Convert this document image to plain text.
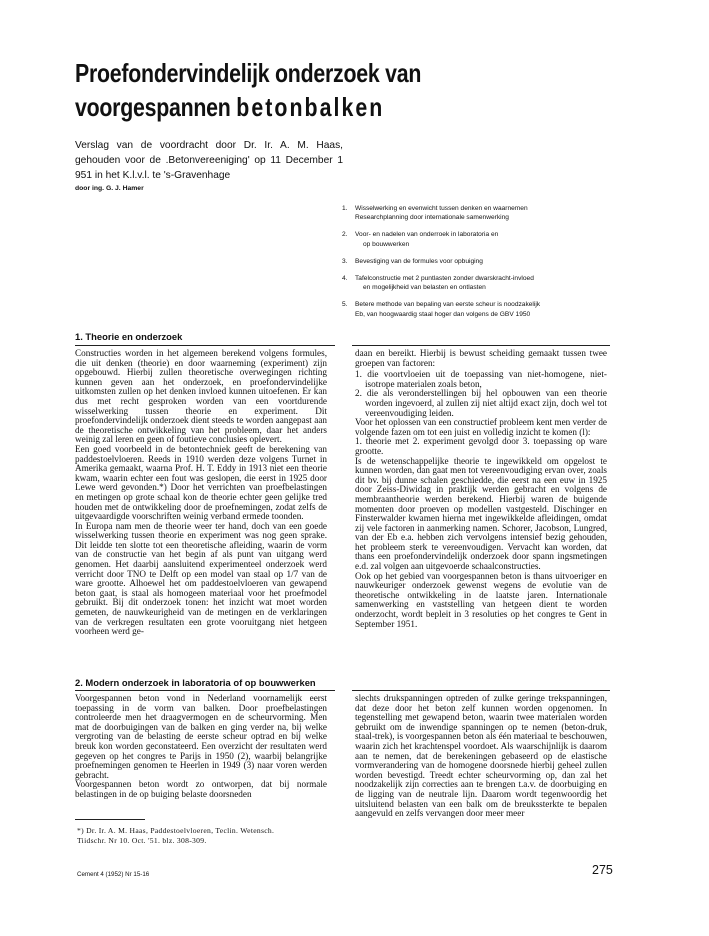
Proefondervindelijk onderzoek van
voorgespannen betonbalken

Verslag van de voordracht door Dr. Ir. A. M. Haas, gehouden voor de .Betonvereeniging' op 11 December 1 951 in het K.l.v.l. te 's-Gravenhage

door ing. G. J. Hamer

1. Wisselwerking en evenwicht tussen denken en waarnemen
Researchplanning door internationale samenwerking
2. Voor- en nadelen van onderroek in laboratoria en
op bouwwerken
3. Bevestiging van de formules voor opbuiging
4. Tafelconstructie met 2 puntlasten zonder dwarskracht-invloed
en mogelijkheid van belasten en ontlasten
5. Betere methode van bepaling van eerste scheur is noodzakelijk
Eb, van hoogwaardig staal hoger dan volgens de GBV 1950
1. Theorie en onderzoek

Constructies worden in het algemeen berekend volgens formules, die uit denken (theorie) en door waarneming (experiment) zijn opgebouwd. Hierbij zullen theoretische overwegingen richting kunnen geven aan het onderzoek, en proefondervindelijke uitkomsten zullen op het denken invloed kunnen uitoefenen. Er kan dus met recht gesproken worden van een voortdurende wisselwerking tussen theorie en experiment. Dit proefondervindelijk onderzoek dient steeds te worden aangepast aan de theoretische ontwikkeling van het probleem, daar het anders weinig zal leren en geen of foutieve conclusies oplevert.

Een goed voorbeeld in de betontechniek geeft de berekening van paddestoelvloeren. Reeds in 1910 werden deze volgens Turnet in Amerika gemaakt, waarna Prof. H. T. Eddy in 1913 niet een theorie kwam, waarin echter een fout was geslopen, die eerst in 1925 door Lewe werd gevonden.*) Door het verrichten van proefbelastingen en metingen op grote schaal kon de theorie echter geen gelijke tred houden met de ontwikkeling door de proefnemingen, zodat zelfs de uitgevaardigde voorschriften weinig verband ermede toonden.

In Europa nam men de theorie weer ter hand, doch van een goede wisselwerking tussen theorie en experiment was nog geen sprake. Dit leidde ten slotte tot een theoretische afleiding, waarin de vorm van de constructie van het begin af als punt van uitgang werd genomen. Het daarbij aansluitend experimenteel onderzoek werd verricht door TNO te Delft op een model van staal op 1/7 van de ware grootte. Alhoewel het om paddestoelvloeren van gewapend beton gaat, is staal als homogeen materiaal voor het proefmodel gebruikt. Bij dit onderzoek tonen: het inzicht wat moet worden gemeten, de nauwkeurigheid van de metingen en de verklaringen van de verkregen resultaten een grote vooruitgang niet hetgeen voorheen werd ge-

daan en bereikt. Hierbij is bewust scheiding gemaakt tussen twee groepen van factoren:

1. die voortvloeien uit de toepassing van niet-homogene, niet-isotrope materialen zoals beton,

2. die als veronderstellingen bij hel opbouwen van een theorie worden ingevoerd, al zullen zij niet altijd exact zijn, doch wel tot vereenvoudiging leiden.

Voor het oplossen van een constructief probleem kent men verder de volgende fazen om tot een juist en volledig inzicht te komen (l):

1. theorie met 2. experiment gevolgd door 3. toepassing op ware grootte.

Is de wetenschappelijke theorie te ingewikkeld om opgelost te kunnen worden, dan gaat men tot vereenvoudiging ervan over, zoals dit bv. bij dunne schalen geschiedde, die eerst na een euw in 1925 door Zeiss-Diwidag in praktijk werden gebracht en volgens de membraantheorie werden berekend. Hierbij waren de buigende momenten door proeven op modellen vastgesteld. Dischinger en Finsterwalder kwamen hierna met ingewikkelde afleidingen, omdat zij vele factoren in aanmerking namen. Schorer, Jacobson, Lungred, van der Eb e.a. hebben zich vervolgens intensief bezig gehouden, het probleem sterk te vereenvoudigen. Vervacht kan worden, dat thans een proefondervindelijk onderzoek door spann ingsmetingen e.d. zal volgen aan uitgevoerde schaalconstructies.

Ook op het gebied van voorgespannen beton is thans uitvoeriger en nauwkeuriger onderzoek gewenst wegens de evolutie van de theoretische ontwikkeling in de laatste jaren. Internationale samenwerking en vaststelling van hetgeen dient te worden onderzocht, wordt bepleit in 3 resoluties op het congres te Gent in September 1951.

2. Modern onderzoek in laboratoria of op bouwwerken

Voorgespannen beton vond in Nederland voornamelijk eerst toepassing in de vorm van balken. Door proefbelastingen controleerde men het draagvermogen en de scheurvorming. Men mat de doorbuigingen van de balken en ging verder na, bij welke vergroting van de belasting de eerste scheur optrad en bij welke breuk kon worden geconstateerd. Een overzicht der resultaten werd gegeven op het congres te Parijs in 1950 (2), waarbij belangrijke proefnemingen genomen te Heerlen in 1949 (3) naar voren werden gebracht.

Voorgespannen beton wordt zo ontworpen, dat bij normale belastingen in de op buiging belaste doorsneden

slechts drukspanningen optreden of zulke geringe trekspanningen, dat deze door het beton zelf kunnen worden opgenomen. In tegenstelling met gewapend beton, waarin twee materialen worden gebruikt om de inwendige spanningen op te nemen (beton-druk, staal-trek), is voorgespannen beton als één materiaal te beschouwen, waarin zich het krachtenspel voordoet. Als waarschijnlijk is daarom aan te nemen, dat de berekeningen gebaseerd op de elastische vormverandering van de homogene doorsnede hierbij geheel zullen worden bevestigd. Treedt echter scheurvorming op, dan zal het noodzakelijk zijn correcties aan te brengen t.a.v. de doorbuiging en de ligging van de neutrale lijn. Daarom wordt tegenwoordig het uitsluitend belasten van een balk om de breukssterkte te bepalen aangevuld en zelfs vervangen door meer meer

*) Dr. Ir. A. M. Haas, Paddestoelvloeren, Teclin. Wetensch.
Tiidschr. Nr 10. Oct. '51. blz. 308-309.

Cement 4 (1952) Nr 15-16	275
